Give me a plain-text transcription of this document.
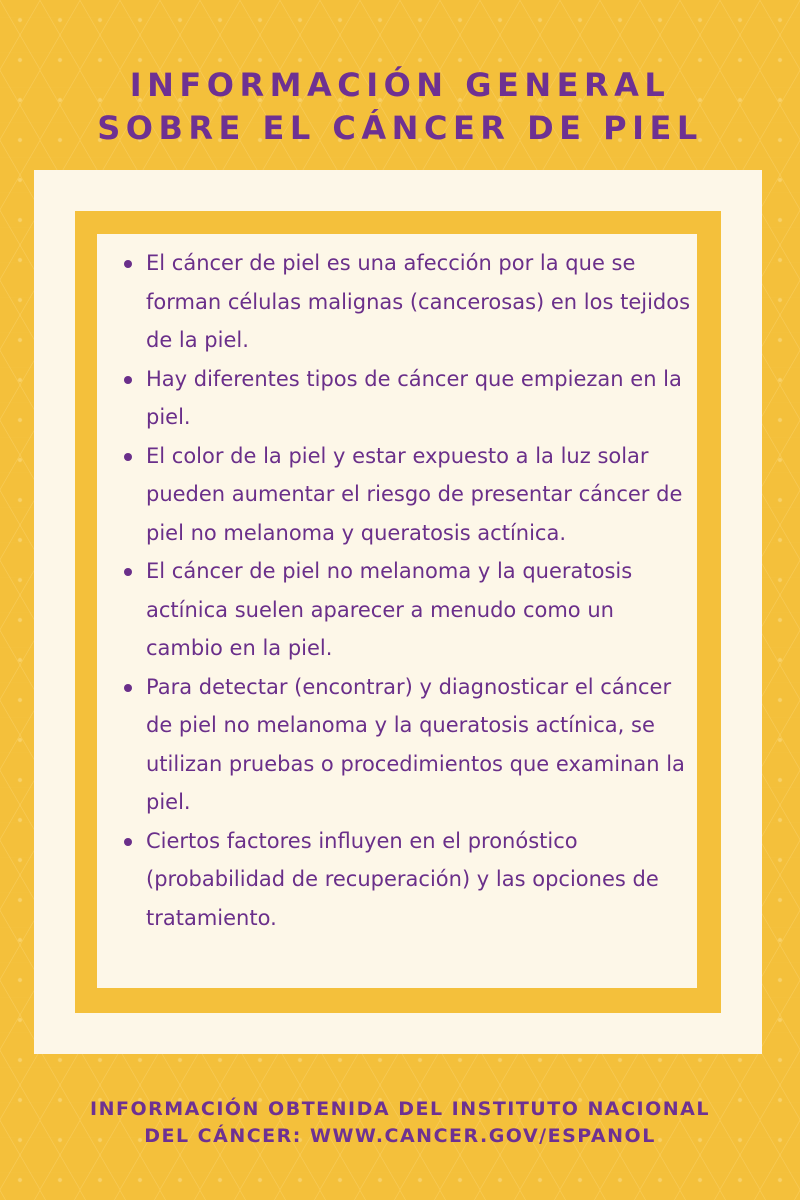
INFORMACIÓN GENERAL
SOBRE EL CÁNCER DE PIEL
El cáncer de piel es una afección por la que se forman células malignas (cancerosas) en los tejidos de la piel.
Hay diferentes tipos de cáncer que empiezan en la piel.
El color de la piel y estar expuesto a la luz solar pueden aumentar el riesgo de presentar cáncer de piel no melanoma y queratosis actínica.
El cáncer de piel no melanoma y la queratosis actínica suelen aparecer a menudo como un cambio en la piel.
Para detectar (encontrar) y diagnosticar el cáncer de piel no melanoma y la queratosis actínica, se utilizan pruebas o procedimientos que examinan la piel.
Ciertos factores influyen en el pronóstico (probabilidad de recuperación) y las opciones de tratamiento.
INFORMACIÓN OBTENIDA DEL INSTITUTO NACIONAL
DEL CÁNCER: WWW.CANCER.GOV/ESPANOL
